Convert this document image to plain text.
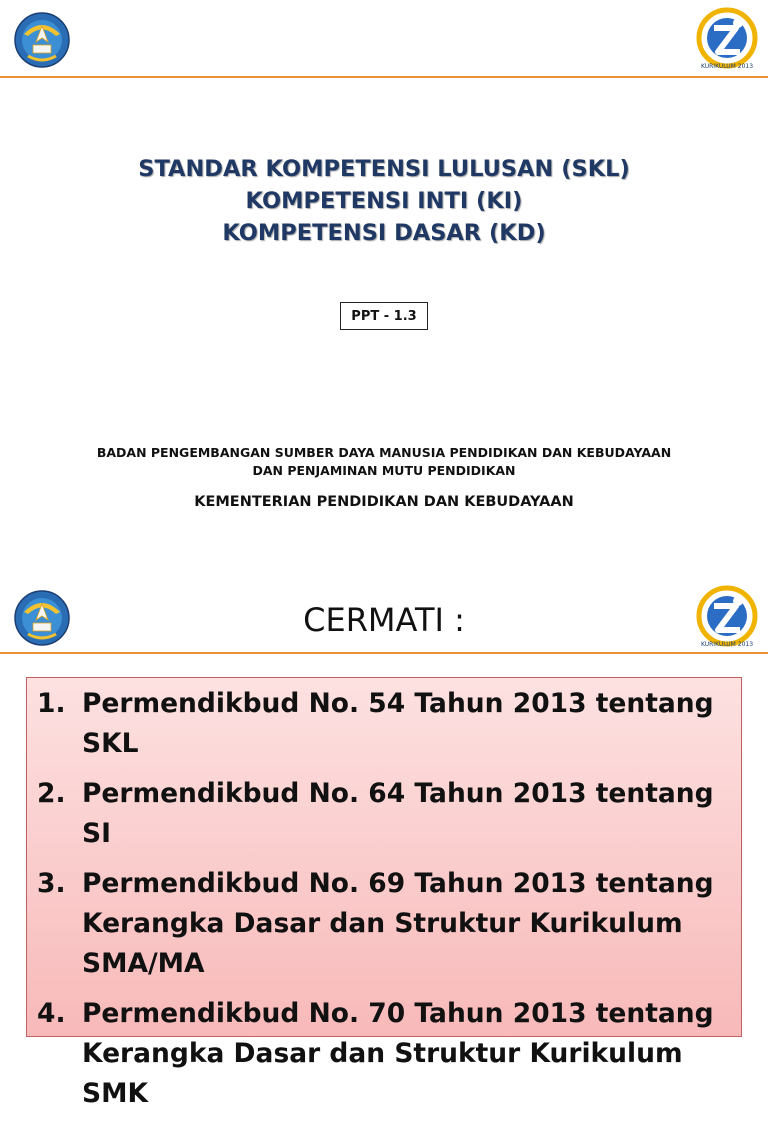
KURIKULUM 2013
STANDAR KOMPETENSI LULUSAN (SKL)
KOMPETENSI INTI (KI)
KOMPETENSI DASAR (KD)
PPT - 1.3
BADAN PENGEMBANGAN SUMBER DAYA MANUSIA PENDIDIKAN DAN KEBUDAYAAN
DAN PENJAMINAN MUTU PENDIDIKAN
KEMENTERIAN PENDIDIKAN DAN KEBUDAYAAN
KURIKULUM 2013
CERMATI :
1. Permendikbud No. 54 Tahun 2013 tentang SKL
2. Permendikbud No. 64 Tahun 2013 tentang SI
3. Permendikbud No. 69 Tahun 2013 tentang Kerangka Dasar dan Struktur Kurikulum SMA/MA
4. Permendikbud No. 70 Tahun 2013 tentang Kerangka Dasar dan Struktur Kurikulum SMK
